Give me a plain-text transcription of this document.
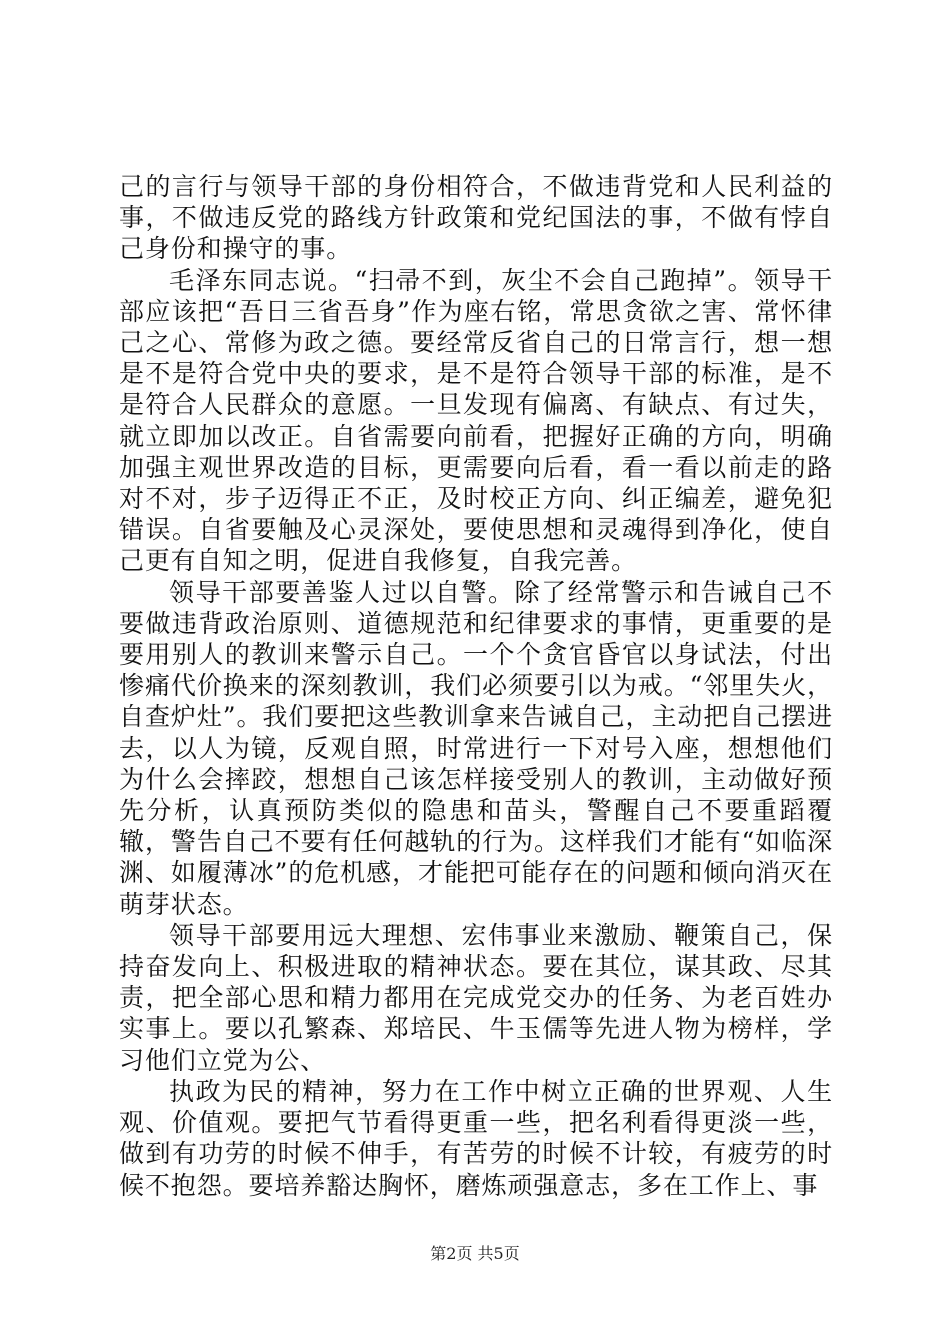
己的言行与领导干部的身份相符合，不做违背党和人民利益的事，不做违反党的路线方针政策和党纪国法的事，不做有悖自己身份和操守的事。

毛泽东同志说。“扫帚不到，灰尘不会自己跑掉”。领导干部应该把“吾日三省吾身”作为座右铭，常思贪欲之害、常怀律己之心、常修为政之德。要经常反省自己的日常言行，想一想是不是符合党中央的要求，是不是符合领导干部的标准，是不是符合人民群众的意愿。一旦发现有偏离、有缺点、有过失，就立即加以改正。自省需要向前看，把握好正确的方向，明确加强主观世界改造的目标，更需要向后看，看一看以前走的路对不对，步子迈得正不正，及时校正方向、纠正编差，避免犯错误。自省要触及心灵深处，要使思想和灵魂得到净化，使自己更有自知之明，促进自我修复，自我完善。

领导干部要善鉴人过以自警。除了经常警示和告诫自己不要做违背政治原则、道德规范和纪律要求的事情，更重要的是要用别人的教训来警示自己。一个个贪官昏官以身试法，付出惨痛代价换来的深刻教训，我们必须要引以为戒。“邻里失火，自查炉灶”。我们要把这些教训拿来告诫自己，主动把自己摆进去，以人为镜，反观自照，时常进行一下对号入座，想想他们为什么会摔跤，想想自己该怎样接受别人的教训，主动做好预先分析，认真预防类似的隐患和苗头，警醒自己不要重蹈覆辙，警告自己不要有任何越轨的行为。这样我们才能有“如临深渊、如履薄冰”的危机感，才能把可能存在的问题和倾向消灭在萌芽状态。

领导干部要用远大理想、宏伟事业来激励、鞭策自己，保持奋发向上、积极进取的精神状态。要在其位，谋其政、尽其责，把全部心思和精力都用在完成党交办的任务、为老百姓办实事上。要以孔繁森、郑培民、牛玉儒等先进人物为榜样，学习他们立党为公、

执政为民的精神，努力在工作中树立正确的世界观、人生观、价值观。要把气节看得更重一些，把名利看得更淡一些，做到有功劳的时候不伸手，有苦劳的时候不计较，有疲劳的时候不抱怨。要培养豁达胸怀，磨炼顽强意志，多在工作上、事

第2页 共5页
